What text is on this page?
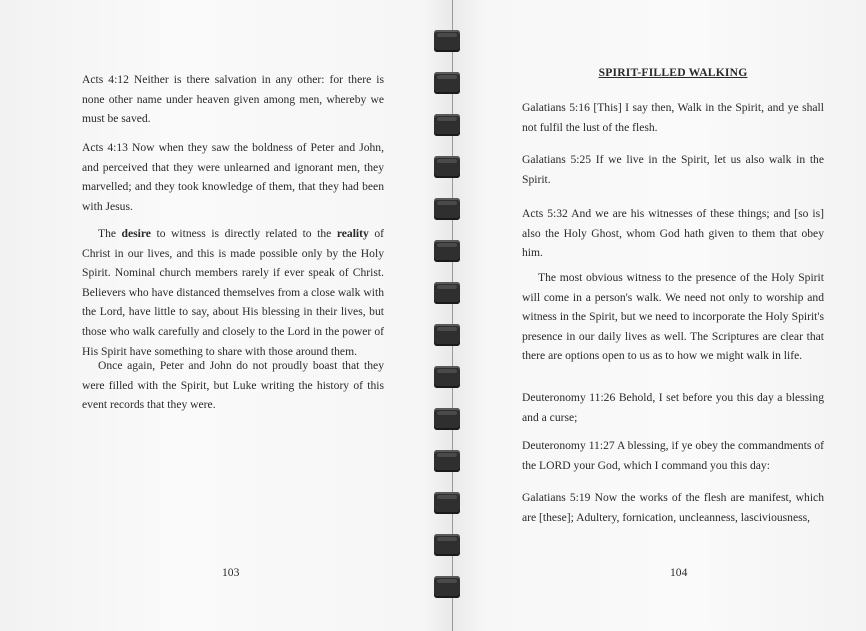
Acts 4:12 Neither is there salvation in any other: for there is none other name under heaven given among men, whereby we must be saved.

Acts 4:13 Now when they saw the boldness of Peter and John, and perceived that they were unlearned and ignorant men, they marvelled; and they took knowledge of them, that they had been with Jesus.

The desire to witness is directly related to the reality of Christ in our lives, and this is made possible only by the Holy Spirit. Nominal church members rarely if ever speak of Christ. Believers who have distanced themselves from a close walk with the Lord, have little to say, about His blessing in their lives, but those who walk carefully and closely to the Lord in the power of His Spirit have something to share with those around them.

Once again, Peter and John do not proudly boast that they were filled with the Spirit, but Luke writing the history of this event records that they were.

103

SPIRIT-FILLED WALKING

Galatians 5:16 [This] I say then, Walk in the Spirit, and ye shall not fulfil the lust of the flesh.

Galatians 5:25 If we live in the Spirit, let us also walk in the Spirit.

Acts 5:32 And we are his witnesses of these things; and [so is] also the Holy Ghost, whom God hath given to them that obey him.

The most obvious witness to the presence of the Holy Spirit will come in a person's walk. We need not only to worship and witness in the Spirit, but we need to incorporate the Holy Spirit's presence in our daily lives as well. The Scriptures are clear that there are options open to us as to how we might walk in life.

Deuteronomy 11:26 Behold, I set before you this day a blessing and a curse;

Deuteronomy 11:27 A blessing, if ye obey the commandments of the LORD your God, which I command you this day:

Galatians 5:19 Now the works of the flesh are manifest, which are [these]; Adultery, fornication, uncleanness, lasciviousness,

104
